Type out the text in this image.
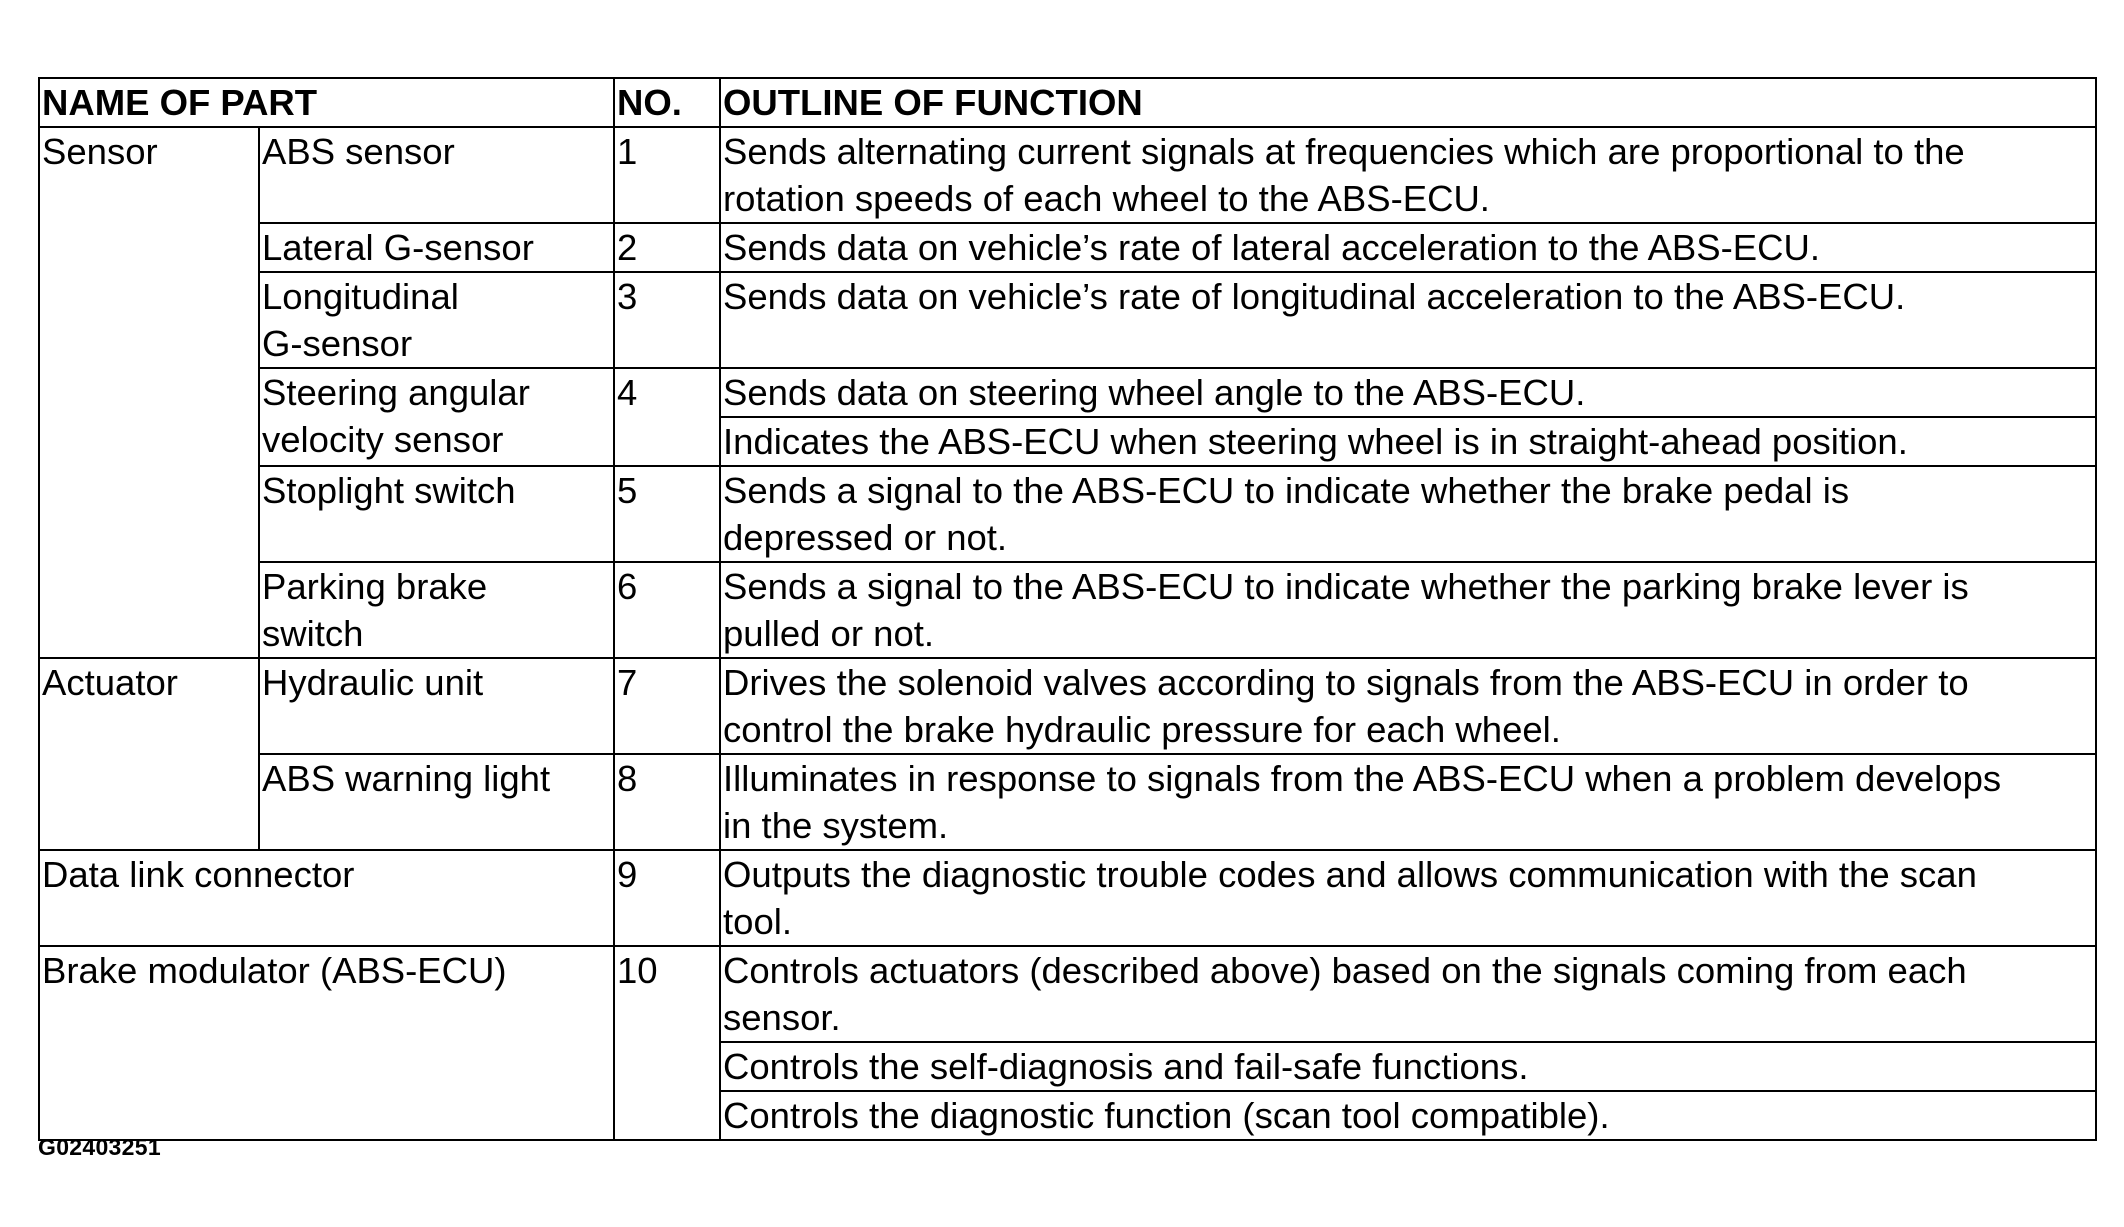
NAME OF PART		NO.	OUTLINE OF FUNCTION
Sensor	ABS sensor	1	Sends alternating current signals at frequencies which are proportional to the
rotation speeds of each wheel to the ABS-ECU.
	Lateral G-sensor	2	Sends data on vehicle’s rate of lateral acceleration to the ABS-ECU.
	Longitudinal
G-sensor	3	Sends data on vehicle’s rate of longitudinal acceleration to the ABS-ECU.
	Steering angular
velocity sensor	4	Sends data on steering wheel angle to the ABS-ECU.
			Indicates the ABS-ECU when steering wheel is in straight-ahead position.
	Stoplight switch	5	Sends a signal to the ABS-ECU to indicate whether the brake pedal is
depressed or not.
	Parking brake
switch	6	Sends a signal to the ABS-ECU to indicate whether the parking brake lever is
pulled or not.
Actuator	Hydraulic unit	7	Drives the solenoid valves according to signals from the ABS-ECU in order to
control the brake hydraulic pressure for each wheel.
	ABS warning light	8	Illuminates in response to signals from the ABS-ECU when a problem develops
in the system.
Data link connector		9	Outputs the diagnostic trouble codes and allows communication with the scan
tool.
Brake modulator (ABS-ECU)		10	Controls actuators (described above) based on the signals coming from each
sensor.
			Controls the self-diagnosis and fail-safe functions.
			Controls the diagnostic function (scan tool compatible).
G02403251
